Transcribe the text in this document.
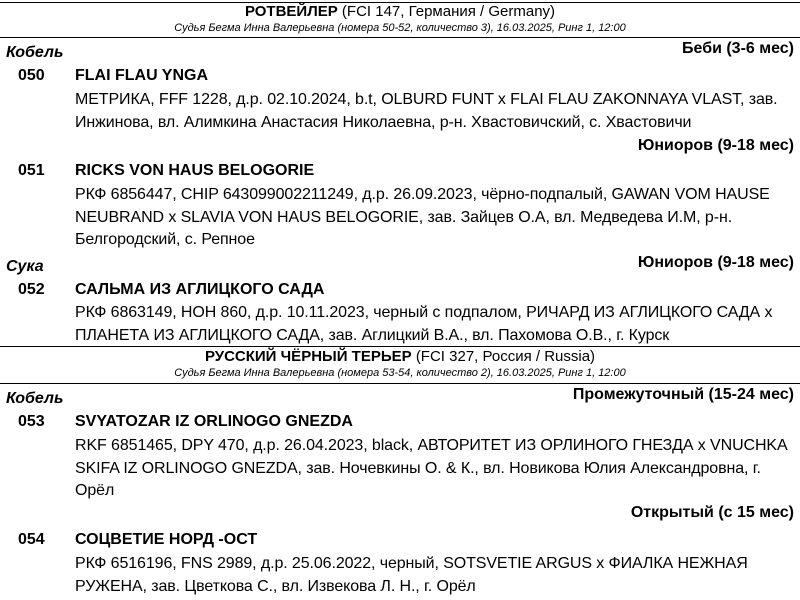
РОТВЕЙЛЕР (FCI 147, Германия / Germany)
Судья Бегма Инна Валерьевна (номера 50-52, количество 3), 16.03.2025, Ринг 1, 12:00
Кобель	Беби (3-6 мес)
050 FLAI FLAU YNGA
МЕТРИКА, FFF 1228, д.р. 02.10.2024, b.t, OLBURD FUNT x FLAI FLAU ZAKONNAYA VLAST, зав. Инжинова, вл. Алимкина Анастасия Николаевна, р-н. Хвастовичский, с. Хвастовичи
Юниоров (9-18 мес)
051 RICKS VON HAUS BELOGORIE
РКФ 6856447, CHIP 643099002211249, д.р. 26.09.2023, чёрно-подпалый, GAWAN VOM HAUSE NEUBRAND x SLAVIA VON HAUS BELOGORIE, зав. Зайцев О.А, вл. Медведева И.М, р-н. Белгородский, с. Репное
Сука	Юниоров (9-18 мес)
052 САЛЬМА ИЗ АГЛИЦКОГО САДА
РКФ 6863149, НОН 860, д.р. 10.11.2023, черный с подпалом, РИЧАРД ИЗ АГЛИЦКОГО САДА х ПЛАНЕТА ИЗ АГЛИЦКОГО САДА, зав. Аглицкий В.А., вл. Пахомова О.В., г. Курск
РУССКИЙ ЧЁРНЫЙ ТЕРЬЕР (FCI 327, Россия / Russia)
Судья Бегма Инна Валерьевна (номера 53-54, количество 2), 16.03.2025, Ринг 1, 12:00
Кобель	Промежуточный (15-24 мес)
053 SVYATOZAR IZ ORLINOGO GNEZDA
RKF 6851465, DPY 470, д.р. 26.04.2023, black, АВТОРИТЕТ ИЗ ОРЛИНОГО ГНЕЗДА x VNUCHKA SKIFA IZ ORLINOGO GNEZDA, зав. Ночевкины О. & К., вл. Новикова Юлия Александровна, г. Орёл
Открытый (с 15 мес)
054 СОЦВЕТИЕ НОРД -ОСТ
РКФ 6516196, FNS 2989, д.р. 25.06.2022, черный, SOTSVETIE ARGUS x ФИАЛКА НЕЖНАЯ РУЖЕНА, зав. Цветкова С., вл. Извекова Л. Н., г. Орёл
